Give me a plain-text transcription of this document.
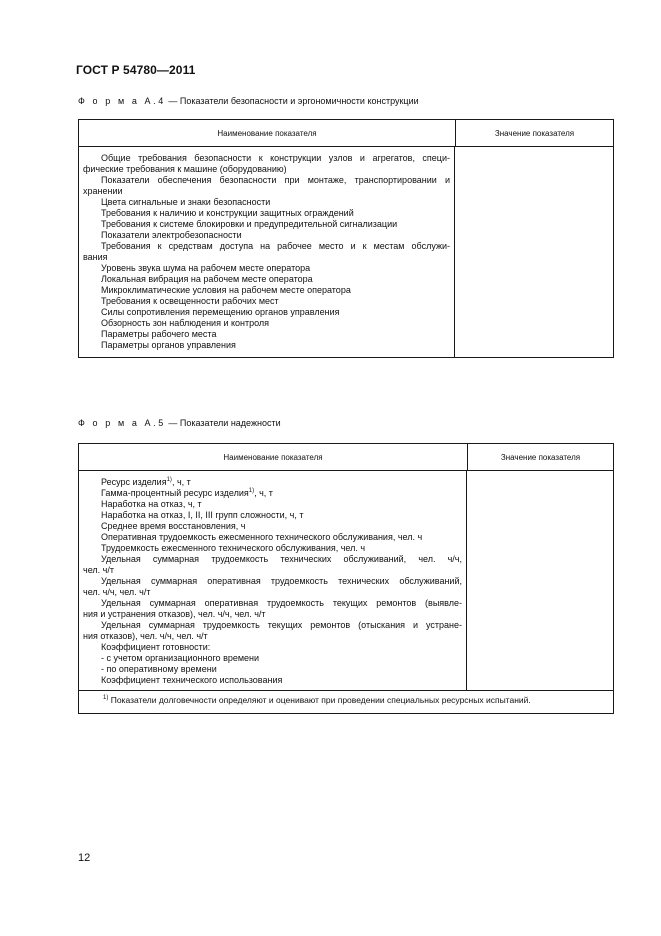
ГОСТ Р 54780—2011
Ф о р м а А.4 — Показатели безопасности и эргономичности конструкции
Наименование показателя	Значение показателя
Общие требования безопасности к конструкции узлов и агрегатов, специ-
фические требования к машине (оборудованию)
Показатели обеспечения безопасности при монтаже, транспортировании и
хранении
Цвета сигнальные и знаки безопасности
Требования к наличию и конструкции защитных ограждений
Требования к системе блокировки и предупредительной сигнализации
Показатели электробезопасности
Требования к средствам доступа на рабочее место и к местам обслужи-
вания
Уровень звука шума на рабочем месте оператора
Локальная вибрация на рабочем месте оператора
Микроклиматические условия на рабочем месте оператора
Требования к освещенности рабочих мест
Силы сопротивления перемещению органов управления
Обзорность зон наблюдения и контроля
Параметры рабочего места
Параметры органов управления
Ф о р м а А.5 — Показатели надежности
Наименование показателя	Значение показателя
Ресурс изделия$^{1)}$, ч, т
Гамма-процентный ресурс изделия$^{1)}$, ч, т
Наработка на отказ, ч, т
Наработка на отказ, I, II, III групп сложности, ч, т
Среднее время восстановления, ч
Оперативная трудоемкость ежесменного технического обслуживания, чел. ч
Трудоемкость ежесменного технического обслуживания, чел. ч
Удельная суммарная трудоемкость технических обслуживаний, чел. ч/ч,
чел. ч/т
Удельная суммарная оперативная трудоемкость технических обслуживаний,
чел. ч/ч, чел. ч/т
Удельная суммарная оперативная трудоемкость текущих ремонтов (выявле-
ния и устранения отказов), чел. ч/ч, чел. ч/т
Удельная суммарная трудоемкость текущих ремонтов (отыскания и устране-
ния отказов), чел. ч/ч, чел. ч/т
Коэффициент готовности:
- с учетом организационного времени
- по оперативному времени
Коэффициент технического использования
$^{1)}$ Показатели долговечности определяют и оценивают при проведении специальных ресурсных испытаний.
12
